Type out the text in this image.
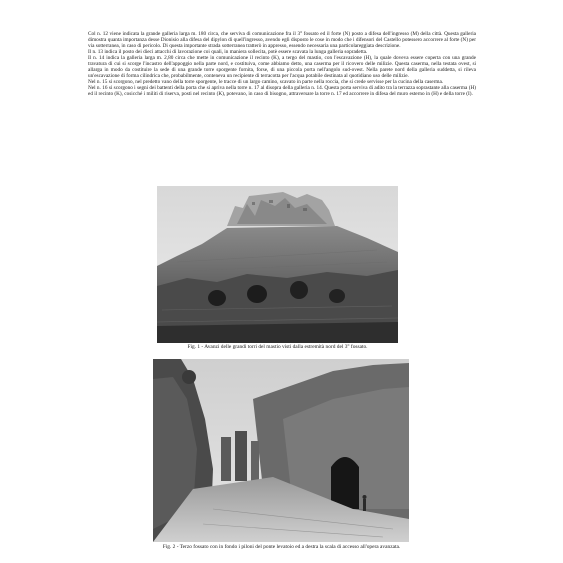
Col n. 12 viene indicata la grande galleria larga m. 180 circa, che serviva di comunicazione fra il 3° fossato ed il forte (N) posto a difesa dell'ingresso (M) della città. Questa galleria dimostra quanta importanza desse Dionisio alla difesa del dipylon di quell'ingresso, avendo egli disposto le cose in modo che i difensori del Castello potessero accorrere al forte (N) per via sotterranea, in caso di pericolo. Di questa importante strada sotterranea tratterò in appresso, essendo necessaria una particolareggiata descrizione.

Il n. 13 indica il posto dei dieci attacchi di lavorazione coi quali, in maniera sollecita, potè essere scavata la lunga galleria sopradetta.

Il n. 14 indica la galleria larga m. 2,80 circa che mette in comunicazione il recinto (K), a tergo del mastio, con l'escavazione (H), la quale doveva essere coperta con una grande travatura di cui si scorge l'incastro dell'appoggio nella parte nord, e costituiva, come abbiamo detto, una caserma per il ricovero delle milizie. Questa caserma, nella testata ovest, si allarga in modo da costituire la sede di una grande torre sporgente fornita, forse, di una piccola porta nell'angolo sud-ovest. Nella parete nord della galleria suddetta, si rileva un'escavazione di forma cilindrica che, probabilmente, conteneva un recipiente di terracotta per l'acqua potabile destinata al quotidiano uso delle milizie.

Nel n. 15 si scorgono, nel predetto vano della torre sporgente, le tracce di un largo camino, scavato in parte nella roccia, che si crede servisse per la cucina della caserma.

Nel n. 16 si scorgono i segni dei battenti della porta che si apriva nella torre n. 17 al disopra della galleria n. 14. Questa porta serviva di adito tra la terrazza soprastante alla caserma (H) ed il recinto (K), cosicché i militi di riserva, posti nel recinto (K), potevano, in caso di bisogno, attraversare la torre n. 17 ed accorrere in difesa del muro esterno in (H) e della torre (I).

Fig. 1 - Avanzi delle grandi torri del mastio visti dalla estremità nord del 3° fossato.
Fig. 2 - Terzo fossato con in fondo i piloni del ponte levatoio ed a destra la scala di accesso all'opera avanzata.
